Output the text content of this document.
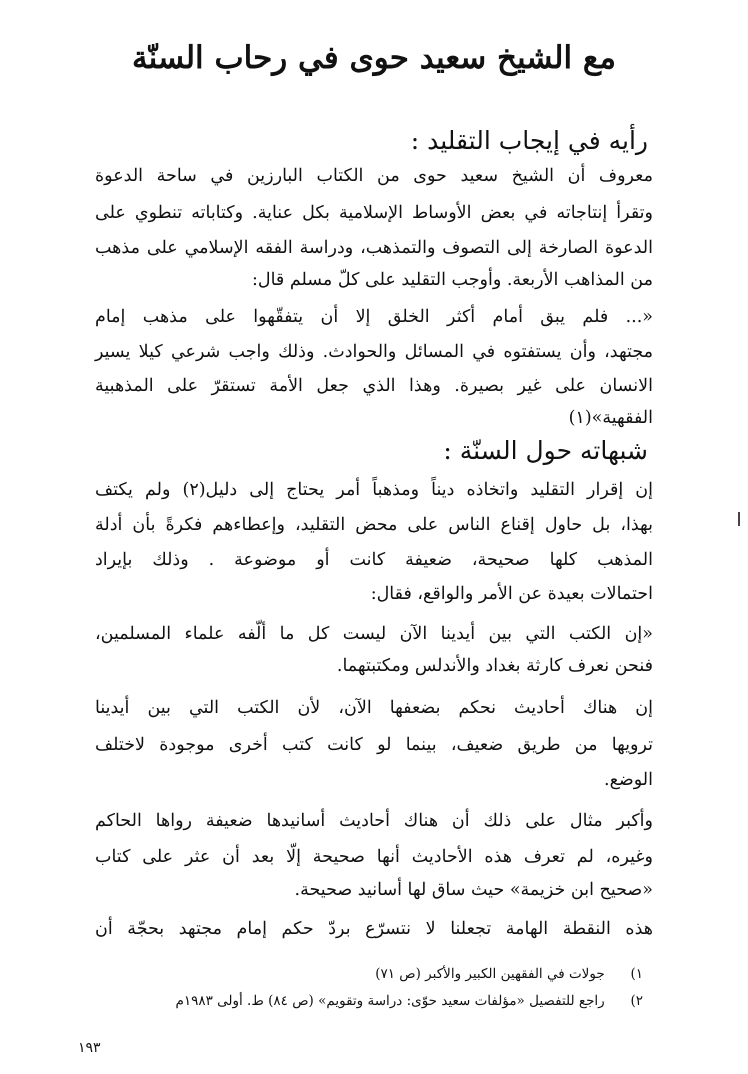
مع الشيخ سعيد حوى في رحاب السنّة
رأيه في إيجاب التقليد :
معروف أن الشيخ سعيد حوى من الكتاب البارزين في ساحة الدعوة
وتقرأ إنتاجاته في بعض الأوساط الإسلامية بكل عناية. وكتاباته تنطوي على
الدعوة الصارخة إلى التصوف والتمذهب، ودراسة الفقه الإسلامي على مذهب
من المذاهب الأربعة. وأوجب التقليد على كلّ مسلم قال:
«... فلم يبق أمام أكثر الخلق إلا أن يتفقّهوا على مذهب إمام
مجتهد، وأن يستفتوه في المسائل والحوادث. وذلك واجب شرعي كيلا يسير
الانسان على غير بصيرة. وهذا الذي جعل الأمة تستقرّ على المذهبية
الفقهية»(١)
شبهاته حول السنّة :
إن إقرار التقليد واتخاذه ديناً ومذهباً أمر يحتاج إلى دليل(٢) ولم يكتف
بهذا، بل حاول إقناع الناس على محض التقليد، وإعطاءهم فكرةً بأن أدلة
المذهب كلها صحيحة، ضعيفة كانت أو موضوعة . وذلك بإيراد
احتمالات بعيدة عن الأمر والواقع، فقال:
«إن الكتب التي بين أيدينا الآن ليست كل ما ألّفه علماء المسلمين،
فنحن نعرف كارثة بغداد والأندلس ومكتبتهما.
إن هناك أحاديث نحكم بضعفها الآن، لأن الكتب التي بين أيدينا
ترويها من طريق ضعيف، بينما لو كانت كتب أخرى موجودة لاختلف
الوضع.
وأكبر مثال على ذلك أن هناك أحاديث أسانيدها ضعيفة رواها الحاكم
وغيره، لم تعرف هذه الأحاديث أنها صحيحة إلّا بعد أن عثر على كتاب
«صحيح ابن خزيمة» حيث ساق لها أسانيد صحيحة.
هذه النقطة الهامة تجعلنا لا نتسرّع بردّ حكم إمام مجتهد بحجّة أن
١) جولات في الفقهين الكبير والأكبر (ص ٧١)
٢) راجع للتفصيل «مؤلفات سعيد حوّى: دراسة وتقويم» (ص ٨٤) ط. أولى ١٩٨٣م
١٩٣
